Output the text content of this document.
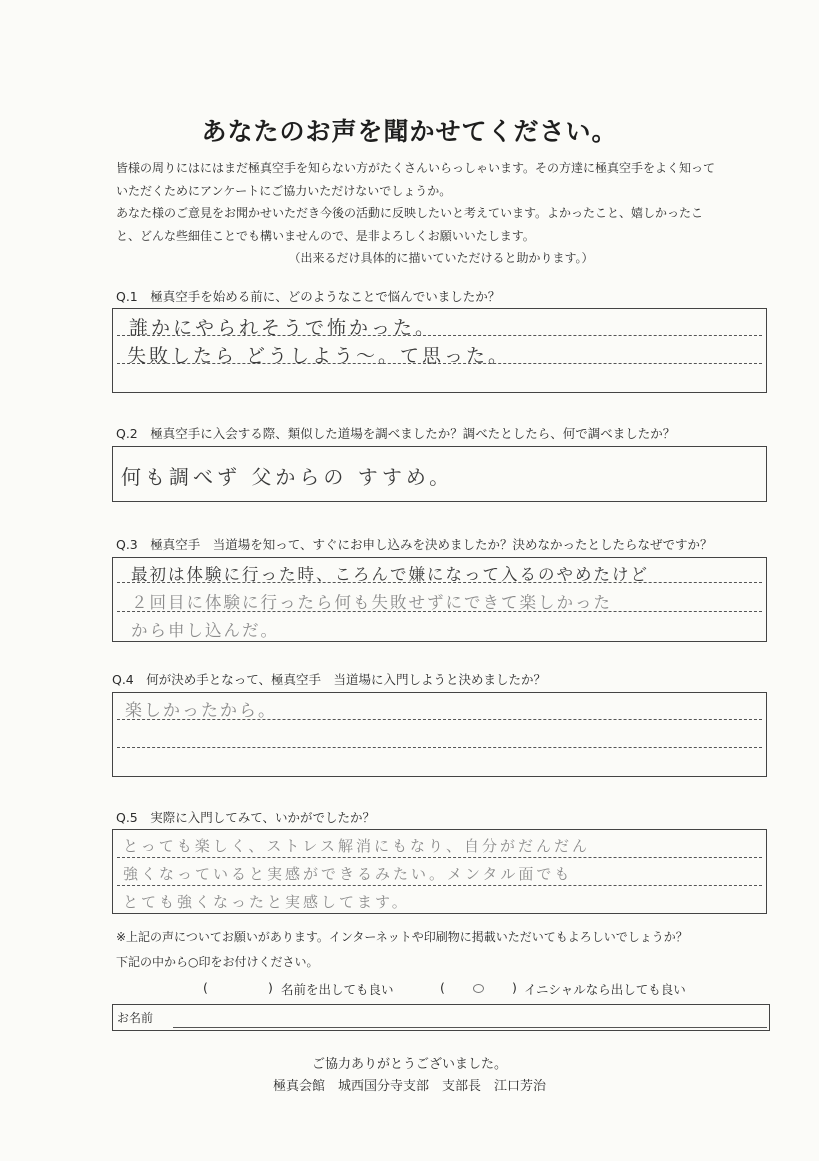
あなたのお声を聞かせてください。
皆様の周りにはにはまだ極真空手を知らない方がたくさんいらっしゃいます。その方達に極真空手をよく知って
いただくためにアンケートにご協力いただけないでしょうか。
あなた様のご意見をお聞かせいただき今後の活動に反映したいと考えています。よかったこと、嬉しかったこ
と、どんな些細佳ことでも構いませんので、是非よろしくお願いいたします。
（出来るだけ具体的に描いていただけると助かります。）
Q.1　極真空手を始める前に、どのようなことで悩んでいましたか？
誰かにやられそうで怖かった。
失敗したら どうしよう～。て思った。
Q.2　極真空手に入会する際、類似した道場を調べましたか？調べたとしたら、何で調べましたか？
何も調べず 父からの すすめ。
Q.3　極真空手　当道場を知って、すぐにお申し込みを決めましたか？決めなかったとしたらなぜですか？
最初は体験に行った時、ころんで嫌になって入るのやめたけど
２回目に体験に行ったら何も失敗せずにできて楽しかった
から申し込んだ。
Q.4　何が決め手となって、極真空手　当道場に入門しようと決めましたか？
楽しかったから。
Q.5　実際に入門してみて、いかがでしたか？
とっても楽しく、ストレス解消にもなり、自分がだんだん
強くなっていると実感ができるみたい。メンタル面でも
とても強くなったと実感してます。
※上記の声についてお願いがあります。インターネットや印刷物に掲載いただいてもよろしいでしょうか？
下記の中から○印をお付けください。
(	) 名前を出しても良い	(	) イニシャルなら出しても良い
お名前
ご協力ありがとうございました。
極真会館　城西国分寺支部　支部長　江口芳治
